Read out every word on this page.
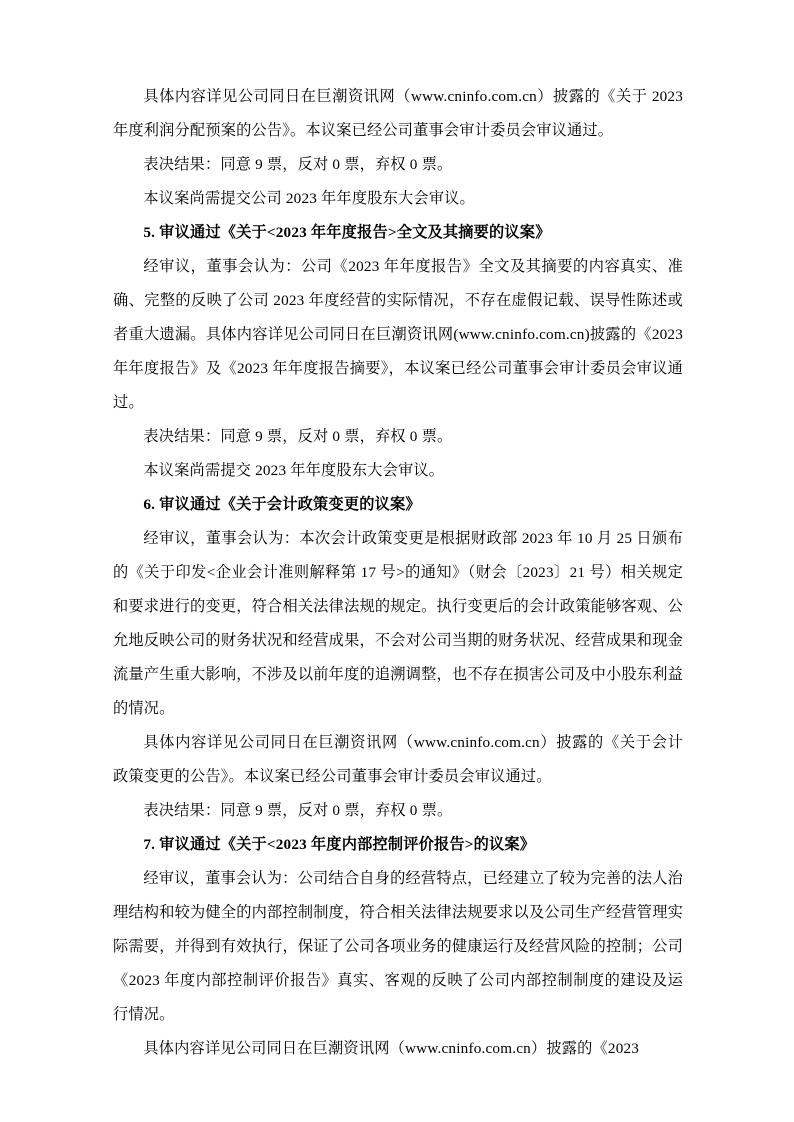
具体内容详见公司同日在巨潮资讯网（www.cninfo.com.cn）披露的《关于 2023 年度利润分配预案的公告》。本议案已经公司董事会审计委员会审议通过。

表决结果：同意 9 票，反对 0 票，弃权 0 票。

本议案尚需提交公司 2023 年年度股东大会审议。

5. 审议通过《关于<2023 年年度报告>全文及其摘要的议案》

经审议，董事会认为：公司《2023 年年度报告》全文及其摘要的内容真实、准确、完整的反映了公司 2023 年度经营的实际情况，不存在虚假记载、误导性陈述或者重大遗漏。具体内容详见公司同日在巨潮资讯网(www.cninfo.com.cn)披露的《2023 年年度报告》及《2023 年年度报告摘要》，本议案已经公司董事会审计委员会审议通过。

表决结果：同意 9 票，反对 0 票，弃权 0 票。

本议案尚需提交 2023 年年度股东大会审议。

6. 审议通过《关于会计政策变更的议案》

经审议，董事会认为：本次会计政策变更是根据财政部 2023 年 10 月 25 日颁布的《关于印发<企业会计准则解释第 17 号>的通知》（财会〔2023〕21 号）相关规定和要求进行的变更，符合相关法律法规的规定。执行变更后的会计政策能够客观、公允地反映公司的财务状况和经营成果，不会对公司当期的财务状况、经营成果和现金流量产生重大影响，不涉及以前年度的追溯调整，也不存在损害公司及中小股东利益的情况。

具体内容详见公司同日在巨潮资讯网（www.cninfo.com.cn）披露的《关于会计政策变更的公告》。本议案已经公司董事会审计委员会审议通过。

表决结果：同意 9 票，反对 0 票，弃权 0 票。

7. 审议通过《关于<2023 年度内部控制评价报告>的议案》

经审议，董事会认为：公司结合自身的经营特点，已经建立了较为完善的法人治理结构和较为健全的内部控制制度，符合相关法律法规要求以及公司生产经营管理实际需要，并得到有效执行，保证了公司各项业务的健康运行及经营风险的控制；公司《2023 年度内部控制评价报告》真实、客观的反映了公司内部控制制度的建设及运行情况。

具体内容详见公司同日在巨潮资讯网（www.cninfo.com.cn）披露的《2023
